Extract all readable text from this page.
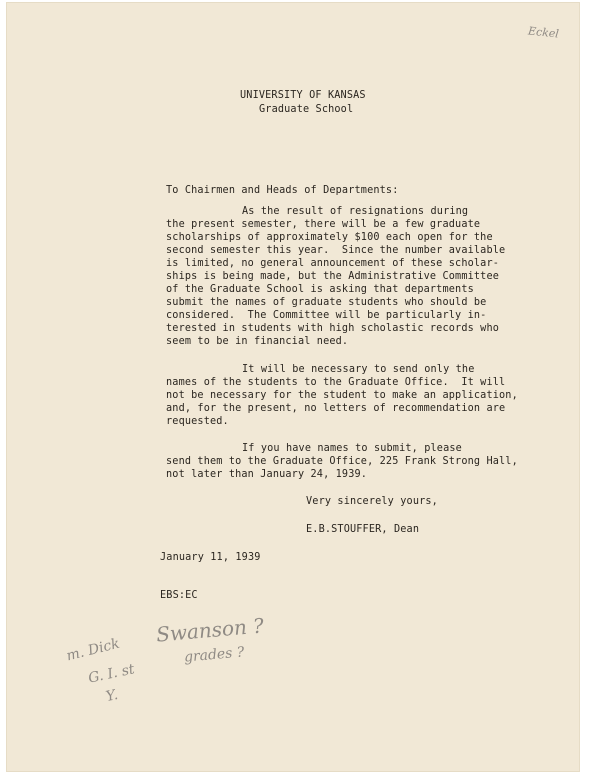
Eckel
UNIVERSITY OF KANSAS
Graduate School
To Chairmen and Heads of Departments:
As the result of resignations during
the present semester, there will be a few graduate
scholarships of approximately $100 each open for the
second semester this year.  Since the number available
is limited, no general announcement of these scholar-
ships is being made, but the Administrative Committee
of the Graduate School is asking that departments
submit the names of graduate students who should be
considered.  The Committee will be particularly in-
terested in students with high scholastic records who
seem to be in financial need.
It will be necessary to send only the
names of the students to the Graduate Office.  It will
not be necessary for the student to make an application,
and, for the present, no letters of recommendation are
requested.
If you have names to submit, please
send them to the Graduate Office, 225 Frank Strong Hall,
not later than January 24, 1939.
Very sincerely yours,
E.B.STOUFFER, Dean
January 11, 1939
EBS:EC
Swanson ?
grades ?
m. Dick
G. I. st
Y.
